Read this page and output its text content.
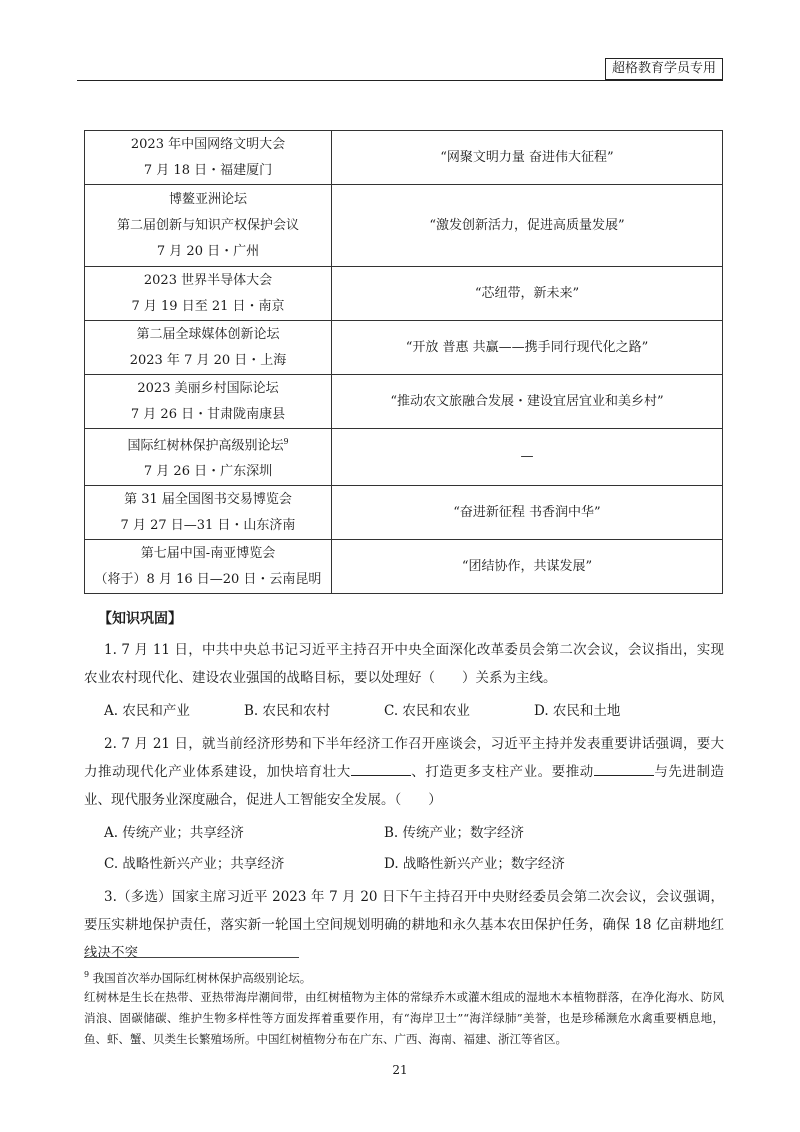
超格教育学员专用
2023 年中国网络文明大会
7 月 18 日・福建厦门	“网聚文明力量 奋进伟大征程”

博鳌亚洲论坛
第二届创新与知识产权保护会议
7 月 20 日・广州	“激发创新活力，促进高质量发展”

2023 世界半导体大会
7 月 19 日至 21 日・南京	“芯纽带，新未来”

第二届全球媒体创新论坛
2023 年 7 月 20 日・上海	“开放 普惠 共赢——携手同行现代化之路”

2023 美丽乡村国际论坛
7 月 26 日・甘肃陇南康县	“推动农文旅融合发展・建设宜居宜业和美乡村”

国际红树林保护高级别论坛$^9$
7 月 26 日・广东深圳	—

第 31 届全国图书交易博览会
7 月 27 日—31 日・山东济南	“奋进新征程 书香润中华”

第七届中国-南亚博览会
（将于）8 月 16 日—20 日・云南昆明	“团结协作，共谋发展”
【知识巩固】
1. 7 月 11 日，中共中央总书记习近平主持召开中央全面深化改革委员会第二次会议，会议指出，实现农业农村现代化、建设农业强国的战略目标，要以处理好（　　）关系为主线。
A. 农民和产业	B. 农民和农村	C. 农民和农业	D. 农民和土地
2. 7 月 21 日，就当前经济形势和下半年经济工作召开座谈会，习近平主持并发表重要讲话强调，要大力推动现代化产业体系建设，加快培育壮大	、打造更多支柱产业。要推动	与先进制造业、现代服务业深度融合，促进人工智能安全发展。（　　）
A. 传统产业；共享经济	B. 传统产业；数字经济
C. 战略性新兴产业；共享经济	D. 战略性新兴产业；数字经济
3.（多选）国家主席习近平 2023 年 7 月 20 日下午主持召开中央财经委员会第二次会议，会议强调，要压实耕地保护责任，落实新一轮国土空间规划明确的耕地和永久基本农田保护任务，确保 18 亿亩耕地红线决不突
$^9$ 我国首次举办国际红树林保护高级别论坛。
红树林是生长在热带、亚热带海岸潮间带，由红树植物为主体的常绿乔木或灌木组成的湿地木本植物群落，在净化海水、防风消浪、固碳储碳、维护生物多样性等方面发挥着重要作用，有“海岸卫士”“海洋绿肺”美誉，也是珍稀濒危水禽重要栖息地，鱼、虾、蟹、贝类生长繁殖场所。中国红树植物分布在广东、广西、海南、福建、浙江等省区。
21
